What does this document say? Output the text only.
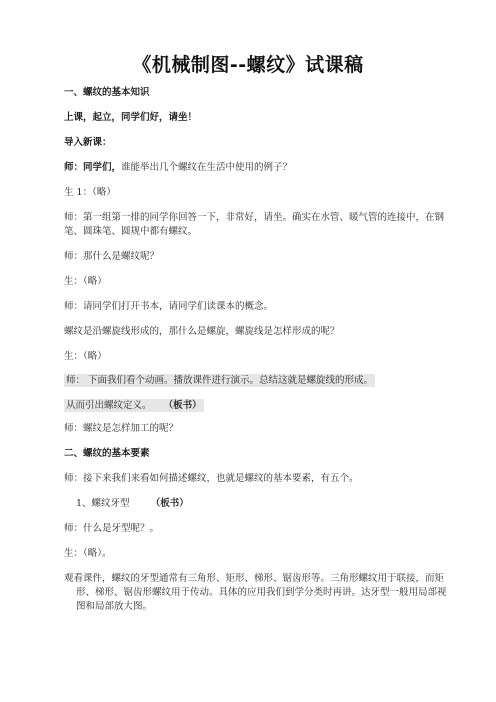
《机械制图--螺纹》试课稿
一、螺纹的基本知识
上课，起立，同学们好，请坐！
导入新课：
师：同学们，谁能举出几个螺纹在生活中使用的例子？
生 1：（略）
师：第一组第一排的同学你回答一下，非常好，请坐。确实在水管、暖气管的连接中，在钢
笔、圆珠笔、圆规中都有螺纹。
师：那什么是螺纹呢？
生：（略）
师：请同学们打开书本，请同学们读课本的概念。
螺纹是沿螺旋线形成的，那什么是螺旋，螺旋线是怎样形成的呢？
生：（略）
师： 下面我们看个动画。播放课件进行演示。总结这就是螺旋线的形成。
从而引出螺纹定义。 （板书）
师：螺纹是怎样加工的呢？
二、螺纹的基本要素
师：接下来我们来看如何描述螺纹，也就是螺纹的基本要素，有五个。
1、螺纹牙型 （板书）
师：什么是牙型呢？。
生：（略）。
观看课件，螺纹的牙型通常有三角形、矩形、梯形、锯齿形等。三角形螺纹用于联接，而矩
形、梯形、锯齿形螺纹用于传动。具体的应用我们到学分类时再讲。达牙型一般用局部视
图和局部放大图。
